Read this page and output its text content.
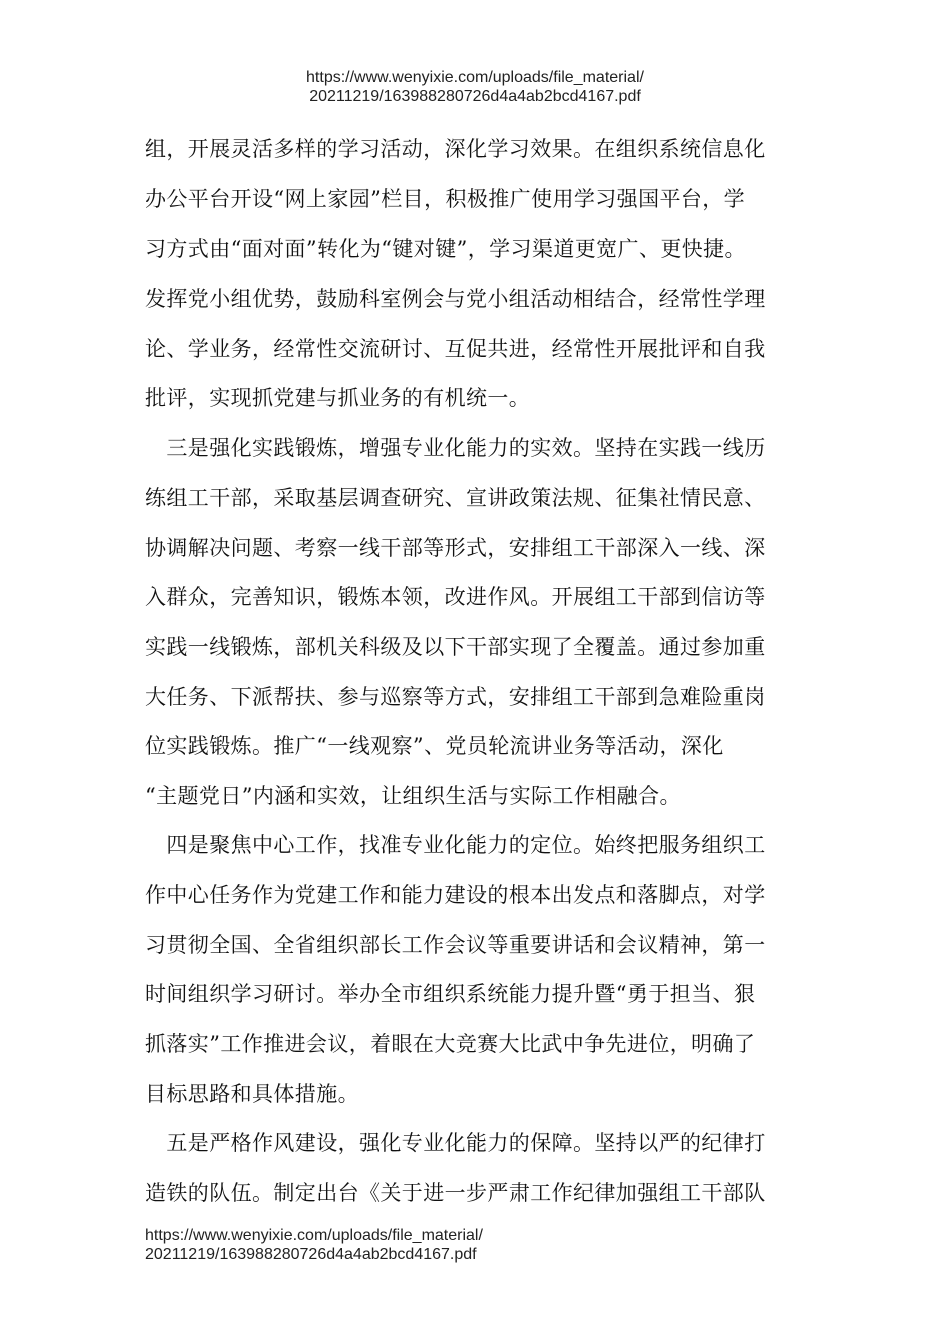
https://www.wenyixie.com/uploads/file_material/
20211219/163988280726d4a4ab2bcd4167.pdf
组，开展灵活多样的学习活动，深化学习效果。在组织系统信息化
办公平台开设“网上家园”栏目，积极推广使用学习强国平台，学
习方式由“面对面”转化为“键对键”，学习渠道更宽广、更快捷。
发挥党小组优势，鼓励科室例会与党小组活动相结合，经常性学理
论、学业务，经常性交流研讨、互促共进，经常性开展批评和自我
批评，实现抓党建与抓业务的有机统一。
　三是强化实践锻炼，增强专业化能力的实效。坚持在实践一线历
练组工干部，采取基层调查研究、宣讲政策法规、征集社情民意、
协调解决问题、考察一线干部等形式，安排组工干部深入一线、深
入群众，完善知识，锻炼本领，改进作风。开展组工干部到信访等
实践一线锻炼，部机关科级及以下干部实现了全覆盖。通过参加重
大任务、下派帮扶、参与巡察等方式，安排组工干部到急难险重岗
位实践锻炼。推广“一线观察”、党员轮流讲业务等活动，深化
“主题党日”内涵和实效，让组织生活与实际工作相融合。
　四是聚焦中心工作，找准专业化能力的定位。始终把服务组织工
作中心任务作为党建工作和能力建设的根本出发点和落脚点，对学
习贯彻全国、全省组织部长工作会议等重要讲话和会议精神，第一
时间组织学习研讨。举办全市组织系统能力提升暨“勇于担当、狠
抓落实”工作推进会议，着眼在大竞赛大比武中争先进位，明确了
目标思路和具体措施。
　五是严格作风建设，强化专业化能力的保障。坚持以严的纪律打
造铁的队伍。制定出台《关于进一步严肃工作纪律加强组工干部队
https://www.wenyixie.com/uploads/file_material/
20211219/163988280726d4a4ab2bcd4167.pdf
